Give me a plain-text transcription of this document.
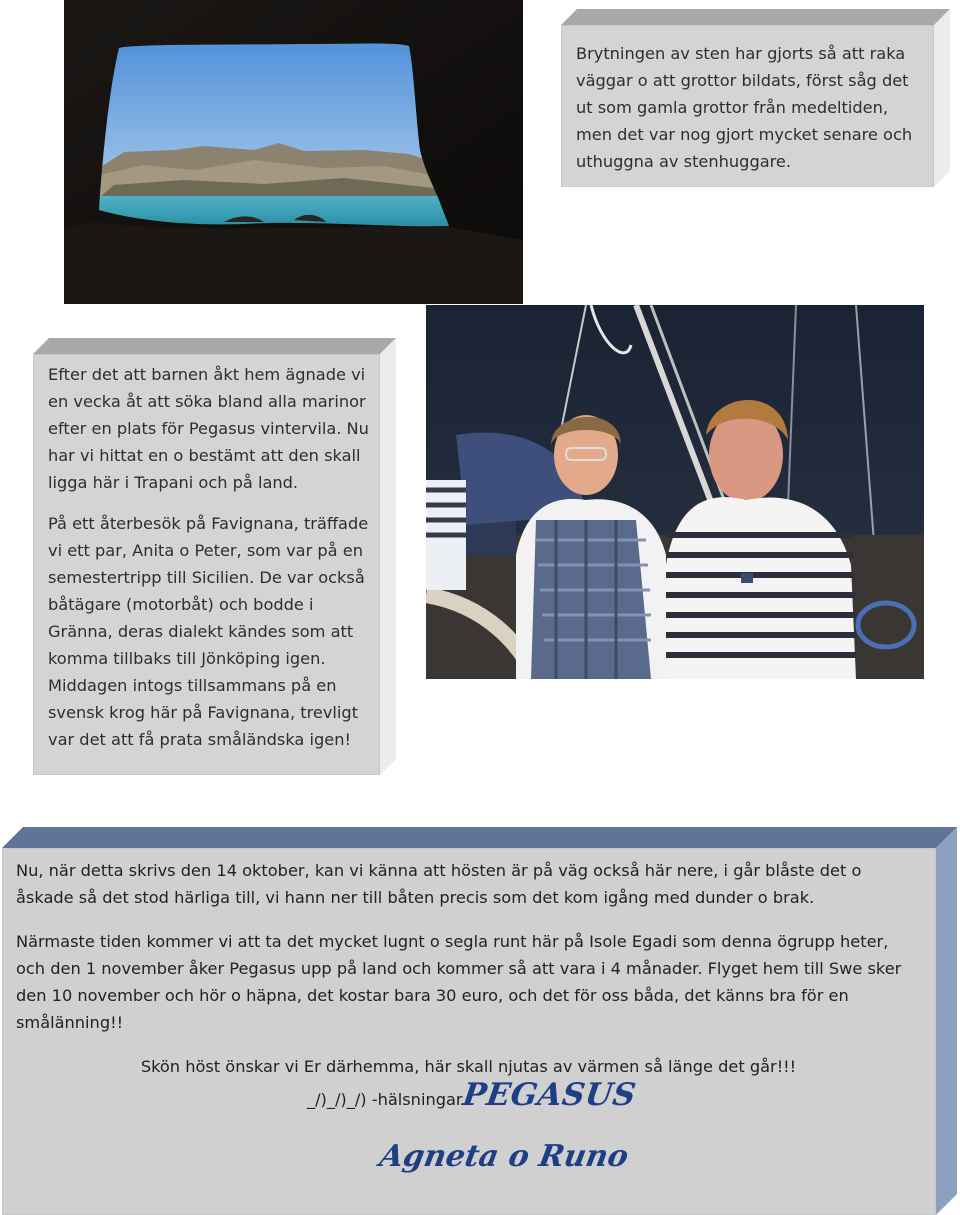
Brytningen av sten har gjorts så att raka väggar o att grottor bildats, först såg det ut som gamla grottor från medeltiden, men det var nog gjort mycket senare och uthuggna av stenhuggare.

Efter det att barnen åkt hem ägnade vi en vecka åt att söka bland alla marinor efter en plats för Pegasus vintervila. Nu har vi hittat en o bestämt att den skall ligga här i Trapani och på land.

På ett återbesök på Favignana, träffade vi ett par, Anita o Peter, som var på en semestertripp till Sicilien. De var också båtägare (motorbåt) och bodde i Gränna, deras dialekt kändes som att komma tillbaks till Jönköping igen. Middagen intogs tillsammans på en svensk krog här på Favignana, trevligt var det att få prata småländska igen!

Nu, när detta skrivs den 14 oktober, kan vi känna att hösten är på väg också här nere, i går blåste det o åskade så det stod härliga till, vi hann ner till båten precis som det kom igång med dunder o brak.

Närmaste tiden kommer vi att ta det mycket lugnt o segla runt här på Isole Egadi som denna ögrupp heter, och den 1 november åker Pegasus upp på land och kommer så att vara i 4 månader. Flyget hem till Swe sker den 10 november och hör o häpna, det kostar bara 30 euro, och det för oss båda, det känns bra för en smålänning!!

Skön höst önskar vi Er därhemma, här skall njutas av värmen så länge det går!!!

_/)_/)_/) -hälsningarPEGASUS
Agneta o Runo
